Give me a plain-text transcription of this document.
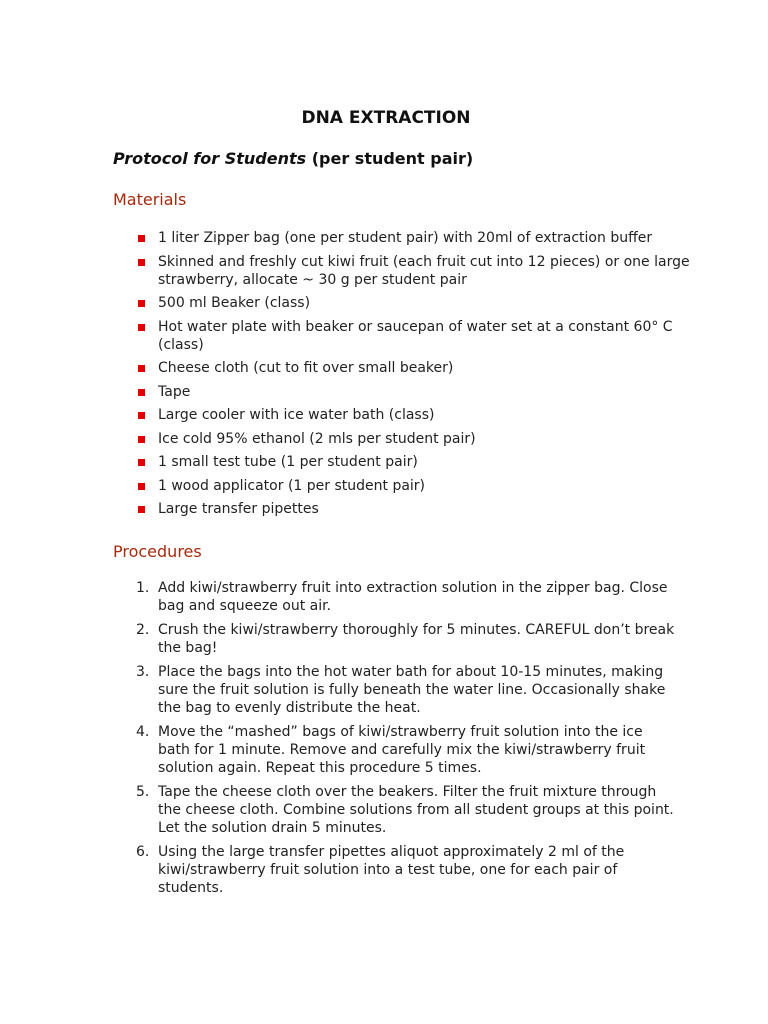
DNA EXTRACTION

Protocol for Students (per student pair)

Materials
1 liter Zipper bag (one per student pair) with 20ml of extraction buffer
Skinned and freshly cut kiwi fruit (each fruit cut into 12 pieces) or one large strawberry, allocate ~ 30 g per student pair
500 ml Beaker (class)
Hot water plate with beaker or saucepan of water set at a constant 60° C (class)
Cheese cloth (cut to fit over small beaker)
Tape
Large cooler with ice water bath (class)
Ice cold 95% ethanol (2 mls per student pair)
1 small test tube (1 per student pair)
1 wood applicator (1 per student pair)
Large transfer pipettes
Procedures
1. Add kiwi/strawberry fruit into extraction solution in the zipper bag. Close bag and squeeze out air.
2. Crush the kiwi/strawberry thoroughly for 5 minutes. CAREFUL don’t break the bag!
3. Place the bags into the hot water bath for about 10-15 minutes, making sure the fruit solution is fully beneath the water line. Occasionally shake the bag to evenly distribute the heat.
4. Move the “mashed” bags of kiwi/strawberry fruit solution into the ice bath for 1 minute. Remove and carefully mix the kiwi/strawberry fruit solution again. Repeat this procedure 5 times.
5. Tape the cheese cloth over the beakers. Filter the fruit mixture through the cheese cloth. Combine solutions from all student groups at this point. Let the solution drain 5 minutes.
6. Using the large transfer pipettes aliquot approximately 2 ml of the kiwi/strawberry fruit solution into a test tube, one for each pair of students.
